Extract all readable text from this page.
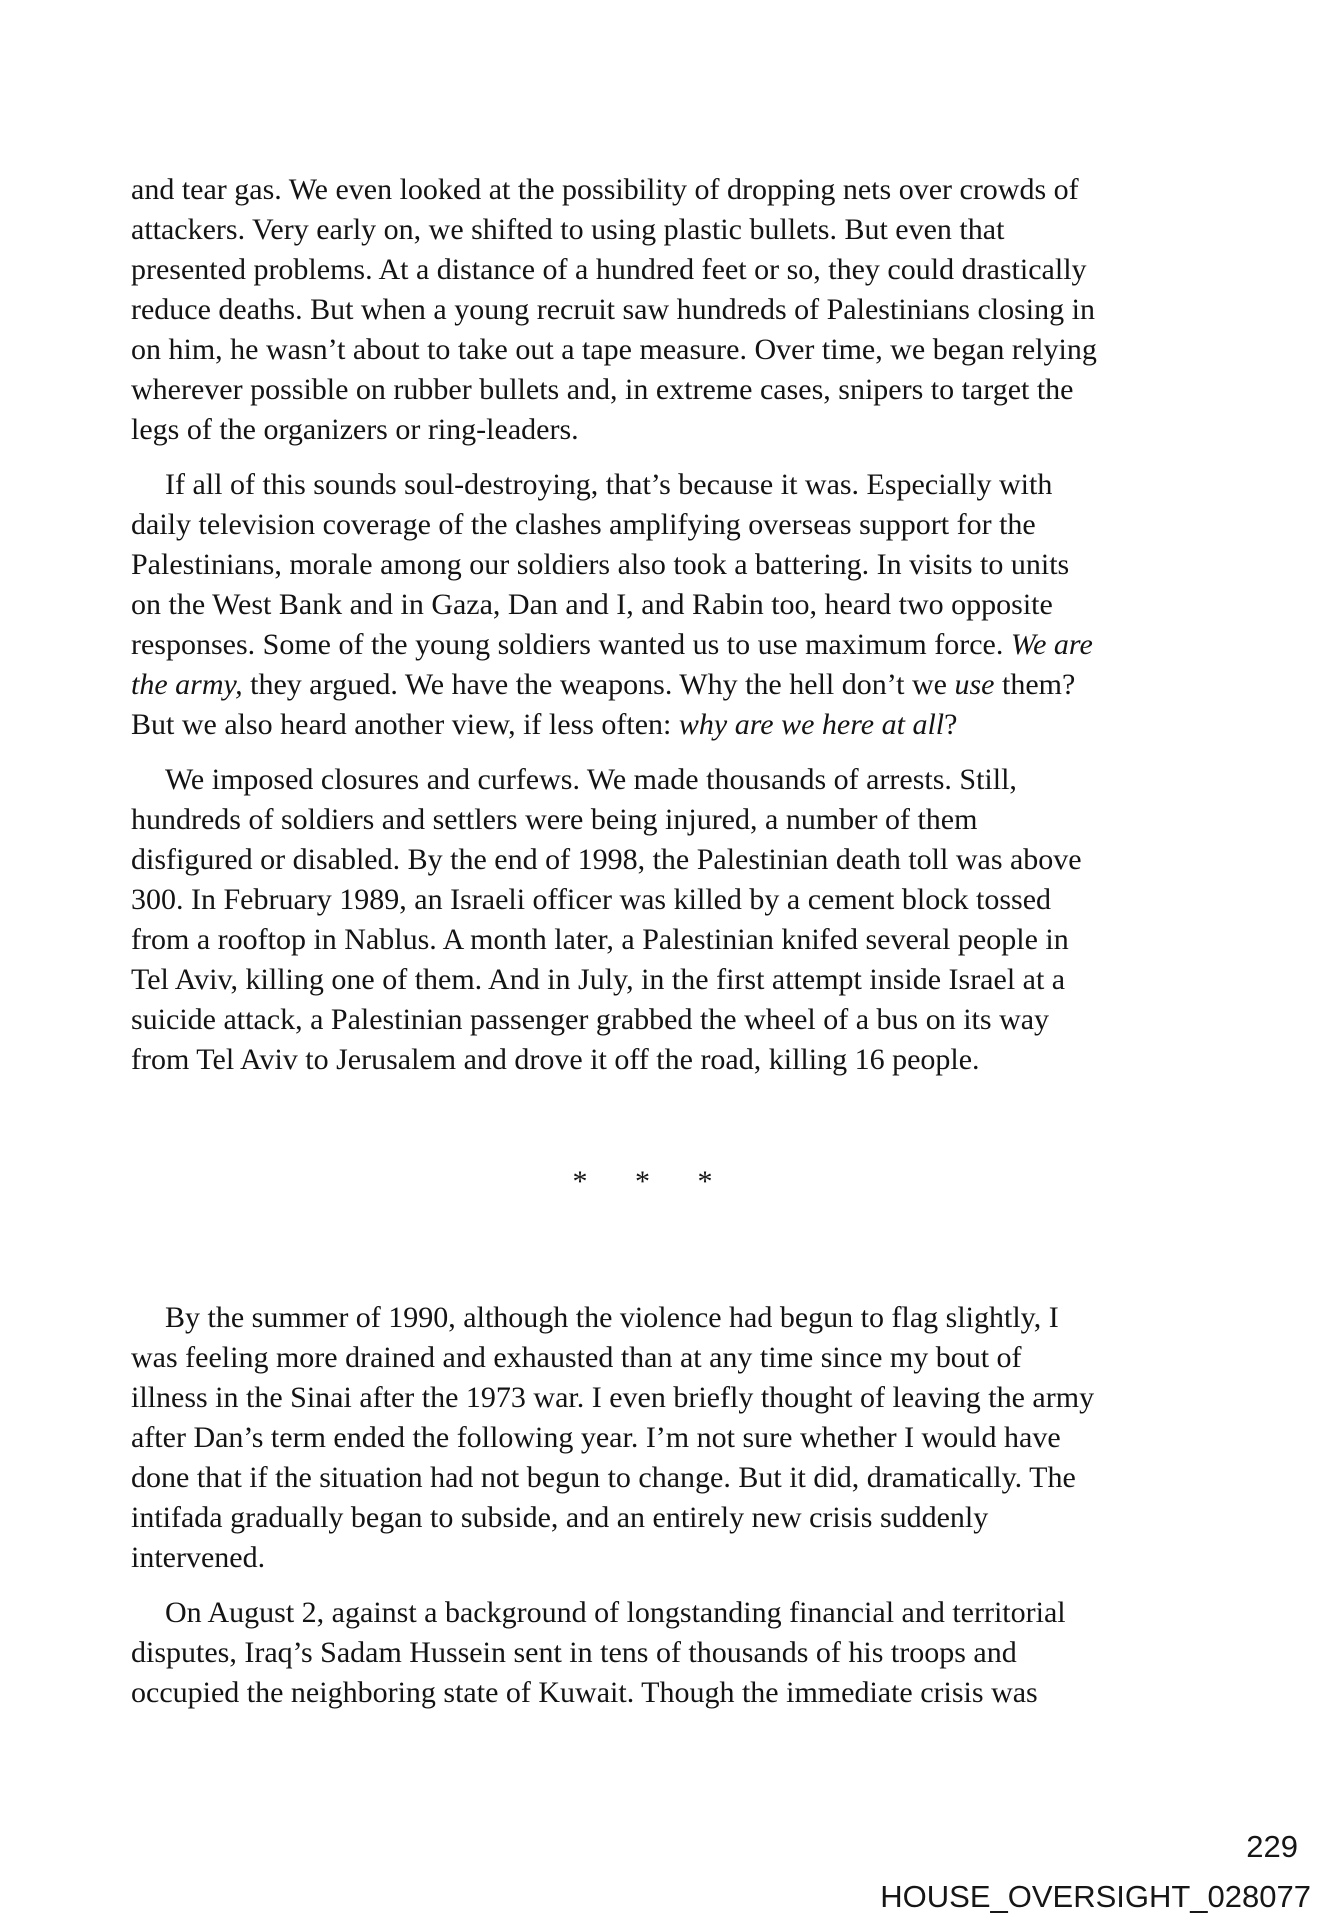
and tear gas. We even looked at the possibility of dropping nets over crowds of
attackers. Very early on, we shifted to using plastic bullets. But even that
presented problems. At a distance of a hundred feet or so, they could drastically
reduce deaths. But when a young recruit saw hundreds of Palestinians closing in
on him, he wasn’t about to take out a tape measure. Over time, we began relying
wherever possible on rubber bullets and, in extreme cases, snipers to target the
legs of the organizers or ring-leaders.
If all of this sounds soul-destroying, that’s because it was. Especially with
daily television coverage of the clashes amplifying overseas support for the
Palestinians, morale among our soldiers also took a battering. In visits to units
on the West Bank and in Gaza, Dan and I, and Rabin too, heard two opposite
responses. Some of the young soldiers wanted us to use maximum force. We are
the army, they argued. We have the weapons. Why the hell don’t we use them?
But we also heard another view, if less often: why are we here at all?
We imposed closures and curfews. We made thousands of arrests. Still,
hundreds of soldiers and settlers were being injured, a number of them
disfigured or disabled. By the end of 1998, the Palestinian death toll was above
300. In February 1989, an Israeli officer was killed by a cement block tossed
from a rooftop in Nablus. A month later, a Palestinian knifed several people in
Tel Aviv, killing one of them. And in July, in the first attempt inside Israel at a
suicide attack, a Palestinian passenger grabbed the wheel of a bus on its way
from Tel Aviv to Jerusalem and drove it off the road, killing 16 people.
* * *
By the summer of 1990, although the violence had begun to flag slightly, I
was feeling more drained and exhausted than at any time since my bout of
illness in the Sinai after the 1973 war. I even briefly thought of leaving the army
after Dan’s term ended the following year. I’m not sure whether I would have
done that if the situation had not begun to change. But it did, dramatically. The
intifada gradually began to subside, and an entirely new crisis suddenly
intervened.
On August 2, against a background of longstanding financial and territorial
disputes, Iraq’s Sadam Hussein sent in tens of thousands of his troops and
occupied the neighboring state of Kuwait. Though the immediate crisis was
229
HOUSE_OVERSIGHT_028077
